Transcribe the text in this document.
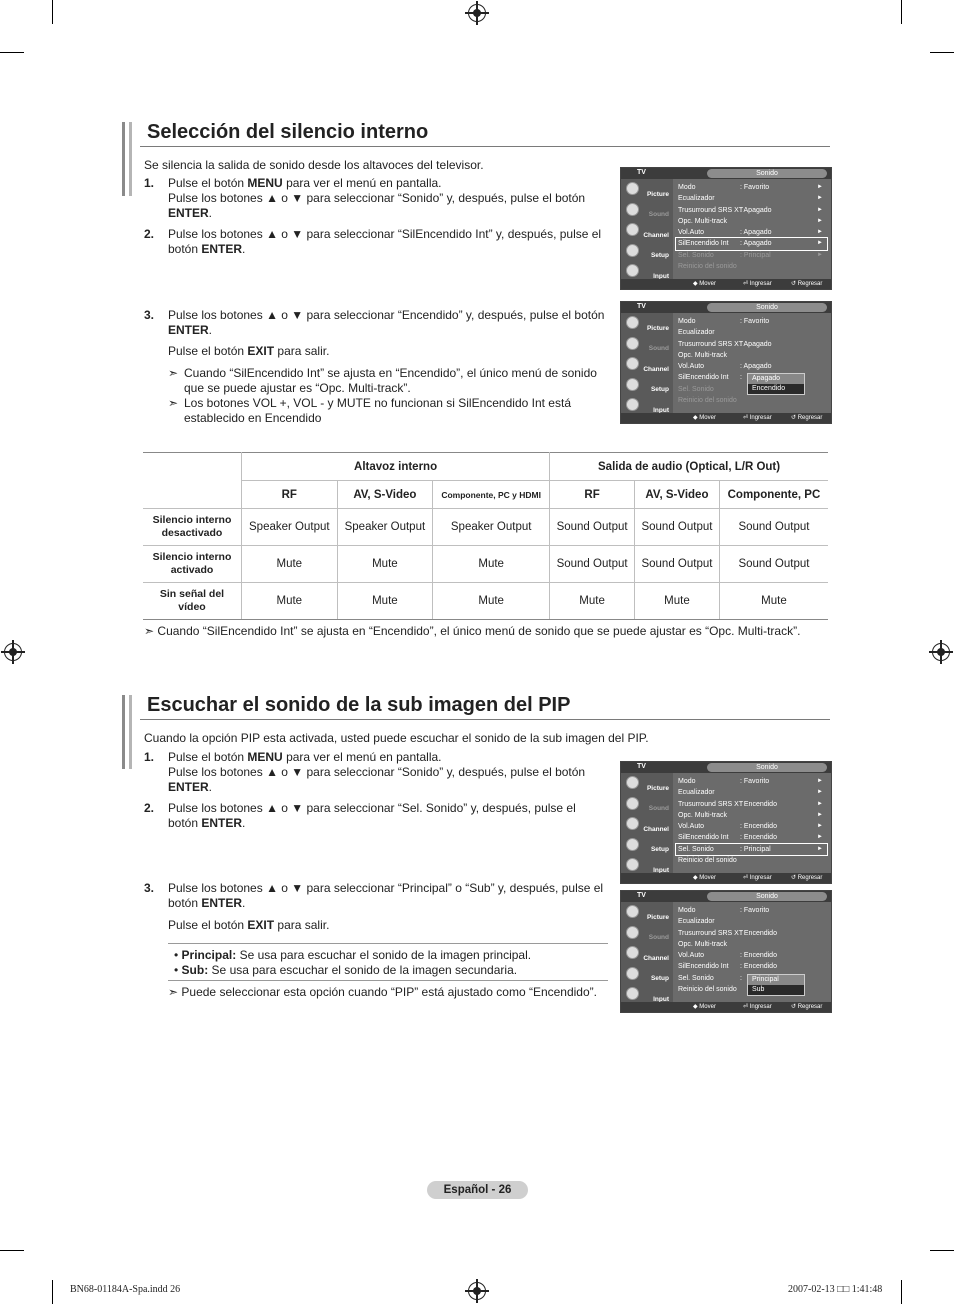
Selección del silencio interno
Se silencia la salida de sonido desde los altavoces del televisor.
1. Pulse el botón MENU para ver el menú en pantalla.
Pulse los botones ▲ o ▼ para seleccionar “Sonido” y, después, pulse el botón
ENTER.
2. Pulse los botones ▲ o ▼ para seleccionar “SilEncendido Int” y, después, pulse el
botón ENTER.
3. Pulse los botones ▲ o ▼ para seleccionar “Encendido” y, después, pulse el botón
ENTER.
Pulse el botón EXIT para salir.
➣ Cuando “SilEncendido Int” se ajusta en “Encendido”, el único menú de sonido
que se puede ajustar es “Opc. Multi-track”.
➣ Los botones VOL +, VOL - y MUTE no funcionan si SilEncendido Int está
establecido en Encendido
TV	Sonido
Picture
Sound
Channel
Setup
Input
Modo	: Favorito	►
Ecualizador	►
Trusurround SRS XT
: Apagado	►
Opc. Multi-track	►
Vol.Auto	: Apagado	►
SilEncendido Int : Apagado	►
Sel. Sonido	: Principal	►
Reinicio del sonido
◆ Mover	⏎ Ingresar	↺ Regresar
TV	Sonido
Picture
Sound
Channel
Setup
Input
Modo	: Favorito
Ecualizador
Trusurround SRS XT
: Apagado
Opc. Multi-track
Vol.Auto	: Apagado
SilEncendido Int :
Sel. Sonido
Reinicio del sonido
Apagado
Encendido
◆ Mover	⏎ Ingresar	↺ Regresar
TV	Sonido
Picture
Sound
Channel
Setup
Input
Modo	: Favorito	►
Ecualizador	►
Trusurround SRS XT
: Encendido	►
Opc. Multi-track	►
Vol.Auto	: Encendido	►
SilEncendido Int : Encendido	►
Sel. Sonido	: Principal	►
Reinicio del sonido
◆ Mover	⏎ Ingresar	↺ Regresar
TV	Sonido
Picture
Sound
Channel
Setup
Input
Modo	: Favorito
Ecualizador
Trusurround SRS XT
: Encendido
Opc. Multi-track
Vol.Auto	: Encendido
SilEncendido Int : Encendido
Sel. Sonido	:
Reinicio del sonido
Principal
Sub
◆ Mover	⏎ Ingresar	↺ Regresar
	Altavoz interno			Salida de audio (Optical, L/R Out)		
	RF	AV, S-Video	Componente, PC y HDMI	RF	AV, S-Video	Componente, PC
Silencio interno
desactivado	Speaker Output	Speaker Output	Speaker Output	Sound Output	Sound Output	Sound Output
Silencio interno
activado	Mute	Mute	Mute	Sound Output	Sound Output	Sound Output
Sin señal del
vídeo	Mute	Mute	Mute	Mute	Mute	Mute
➣ Cuando “SilEncendido Int” se ajusta en “Encendido”, el único menú de sonido que se puede ajustar es “Opc. Multi-track”.
Escuchar el sonido de la sub imagen del PIP
Cuando la opción PIP esta activada, usted puede escuchar el sonido de la sub imagen del PIP.
1. Pulse el botón MENU para ver el menú en pantalla.
Pulse los botones ▲ o ▼ para seleccionar “Sonido” y, después, pulse el botón
ENTER.
2. Pulse los botones ▲ o ▼ para seleccionar “Sel. Sonido” y, después, pulse el
botón ENTER.
3. Pulse los botones ▲ o ▼ para seleccionar “Principal” o “Sub” y, después, pulse el
botón ENTER.
Pulse el botón EXIT para salir.
• Principal: Se usa para escuchar el sonido de la imagen principal.
• Sub: Se usa para escuchar el sonido de la imagen secundaria.
➣ Puede seleccionar esta opción cuando “PIP” está ajustado como “Encendido”.
Español - 26
BN68-01184A-Spa.indd 26	2007-02-13 □□ 1:41:48
